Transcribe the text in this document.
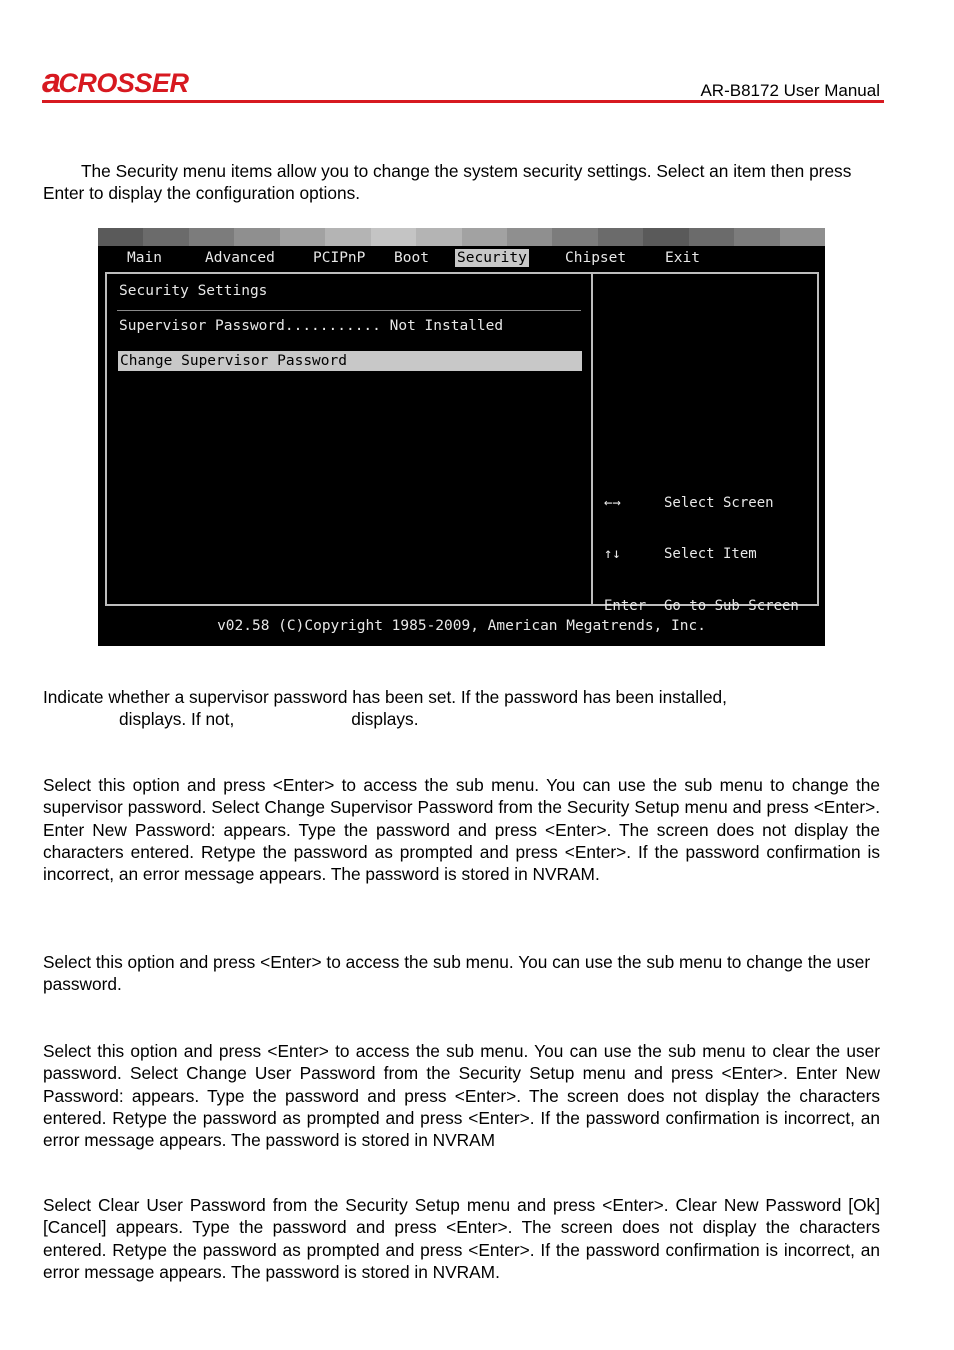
a
CROSSER	AR-B8172 User Manual

The Security menu items allow you to change the system security settings. Select an item then press Enter to display the configuration options.

Main	Advanced	PCIPnP Boot Security	Chipset	Exit
Security Settings
Supervisor Password........... Not Installed
Change Supervisor Password

←→	Select Screen

↑↓	Select Item

Enter	Go to Sub Screen

v02.58 (C)Copyright 1985-2009, American Megatrends, Inc.

Indicate whether a supervisor password has been set. If the password has been installed,
displays. If not,	displays.

Select this option and press <Enter> to access the sub menu. You can use the sub menu to change the supervisor password. Select Change Supervisor Password from the Security Setup menu and press <Enter>. Enter New Password: appears. Type the password and press <Enter>. The screen does not display the characters entered. Retype the password as prompted and press <Enter>. If the password confirmation is incorrect, an error message appears. The password is stored in NVRAM.

Select this option and press <Enter> to access the sub menu. You can use the sub menu to change the user password.

Select this option and press <Enter> to access the sub menu. You can use the sub menu to clear the user password. Select Change User Password from the Security Setup menu and press <Enter>. Enter New Password: appears. Type the password and press <Enter>. The screen does not display the characters entered. Retype the password as prompted and press <Enter>. If the password confirmation is incorrect, an error message appears. The password is stored in NVRAM

Select Clear User Password from the Security Setup menu and press <Enter>. Clear New Password [Ok] [Cancel] appears. Type the password and press <Enter>. The screen does not display the characters entered. Retype the password as prompted and press <Enter>. If the password confirmation is incorrect, an error message appears. The password is stored in NVRAM.
